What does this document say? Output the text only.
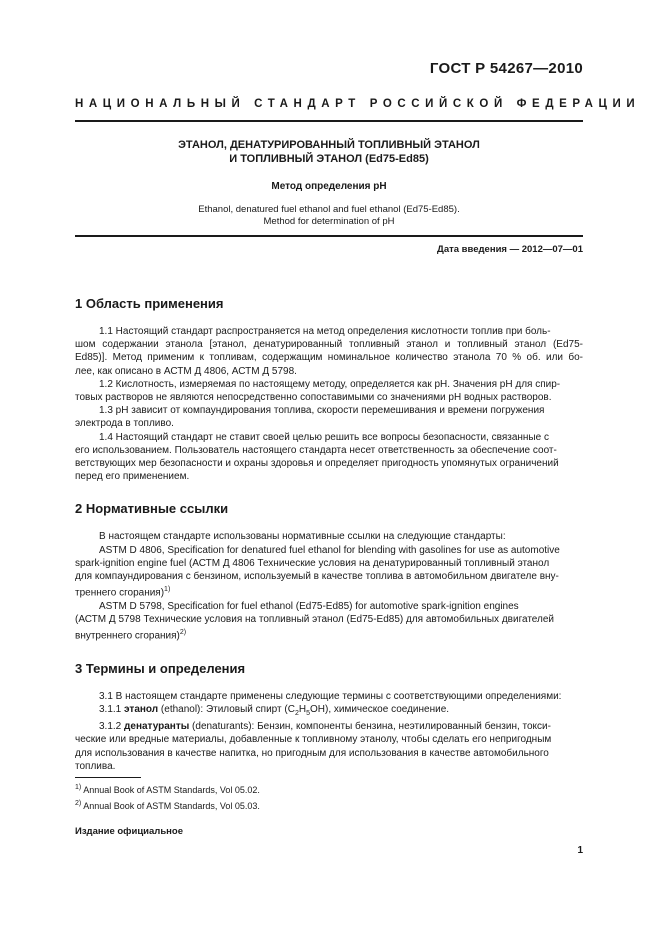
ГОСТ Р 54267—2010
НАЦИОНАЛЬНЫЙ СТАНДАРТ РОССИЙСКОЙ ФЕДЕРАЦИИ
ЭТАНОЛ, ДЕНАТУРИРОВАННЫЙ ТОПЛИВНЫЙ ЭТАНОЛ
И ТОПЛИВНЫЙ ЭТАНОЛ (Ed75-Ed85)
Метод определения pH
Ethanol, denatured fuel ethanol and fuel ethanol (Ed75-Ed85).
Method for determination of pH
Дата введения — 2012—07—01
1 Область применения
1.1 Настоящий стандарт распространяется на метод определения кислотности топлив при боль-
шом содержании этанола [этанол, денатурированный топливный этанол и топливный этанол (Ed75-
Ed85)]. Метод применим к топливам, содержащим номинальное количество этанола 70 % об. или бо-
лее, как описано в АСТМ Д 4806, АСТМ Д 5798.
1.2 Кислотность, измеряемая по настоящему методу, определяется как pH. Значения pH для спир-
товых растворов не являются непосредственно сопоставимыми со значениями pH водных растворов.
1.3 pH зависит от компаундирования топлива, скорости перемешивания и времени погружения
электрода в топливо.
1.4 Настоящий стандарт не ставит своей целью решить все вопросы безопасности, связанные с
его использованием. Пользователь настоящего стандарта несет ответственность за обеспечение соот-
ветствующих мер безопасности и охраны здоровья и определяет пригодность упомянутых ограничений
перед его применением.
2 Нормативные ссылки
В настоящем стандарте использованы нормативные ссылки на следующие стандарты:
ASTM D 4806, Specification for denatured fuel ethanol for blending with gasolines for use as automotive
spark-ignition engine fuel (АСТМ Д 4806 Технические условия на денатурированный топливный этанол
для компаундирования с бензином, используемый в качестве топлива в автомобильном двигателе вну-
треннего сгорания)$^{1)}$
ASTM D 5798, Specification for fuel ethanol (Ed75-Ed85) for automotive spark-ignition engines
(АСТМ Д 5798 Технические условия на топливный этанол (Ed75-Ed85) для автомобильных двигателей
внутреннего сгорания)$^{2)}$
3 Термины и определения
3.1 В настоящем стандарте применены следующие термины с соответствующими определениями:
3.1.1 этанол (ethanol): Этиловый спирт $(C_2H_5OH)$, химическое соединение.
3.1.2 денатуранты (denaturants): Бензин, компоненты бензина, неэтилированный бензин, токси-
ческие или вредные материалы, добавленные к топливному этанолу, чтобы сделать его непригодным
для использования в качестве напитка, но пригодным для использования в качестве автомобильного
топлива.
$^{1)}$ Annual Book of ASTM Standards, Vol 05.02.
$^{2)}$ Annual Book of ASTM Standards, Vol 05.03.
Издание официальное
1
